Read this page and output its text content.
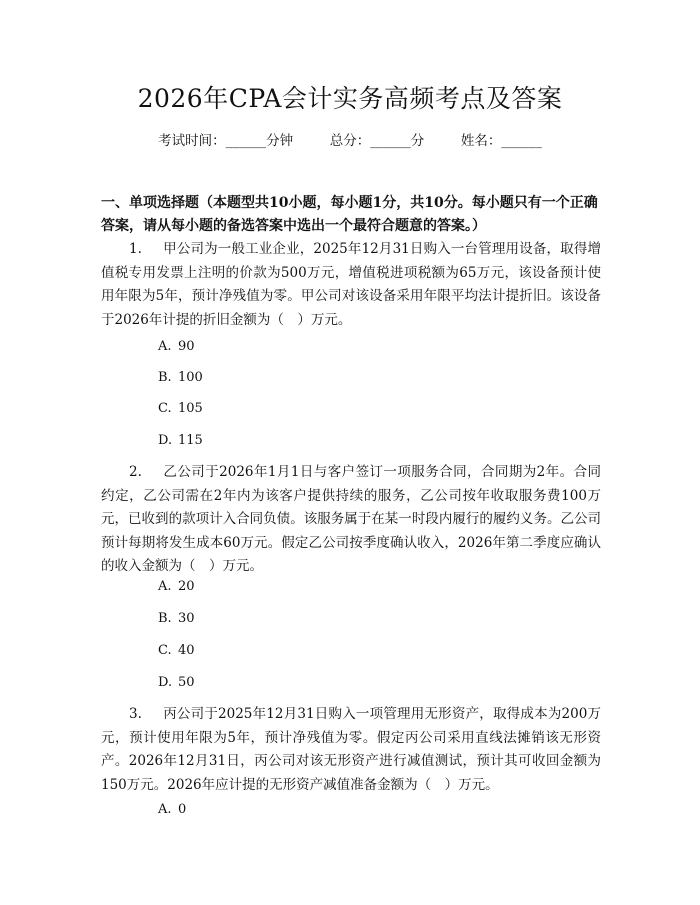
2026年CPA会计实务高频考点及答案
考试时间：______分钟	总分：______分	姓名：______
一、单项选择题（本题型共10小题，每小题1分，共10分。每小题只有一个正确答案，请从每小题的备选答案中选出一个最符合题意的答案。）
1. 甲公司为一般工业企业，2025年12月31日购入一台管理用设备，取得增值税专用发票上注明的价款为500万元，增值税进项税额为65万元，该设备预计使用年限为5年，预计净残值为零。甲公司对该设备采用年限平均法计提折旧。该设备于2026年计提的折旧金额为（　）万元。
A. 90
B. 100
C. 105
D. 115
2. 乙公司于2026年1月1日与客户签订一项服务合同，合同期为2年。合同约定，乙公司需在2年内为该客户提供持续的服务，乙公司按年收取服务费100万元，已收到的款项计入合同负债。该服务属于在某一时段内履行的履约义务。乙公司预计每期将发生成本60万元。假定乙公司按季度确认收入，2026年第二季度应确认的收入金额为（　）万元。
A. 20
B. 30
C. 40
D. 50
3. 丙公司于2025年12月31日购入一项管理用无形资产，取得成本为200万元，预计使用年限为5年，预计净残值为零。假定丙公司采用直线法摊销该无形资产。2026年12月31日，丙公司对该无形资产进行减值测试，预计其可收回金额为150万元。2026年应计提的无形资产减值准备金额为（　）万元。
A. 0
